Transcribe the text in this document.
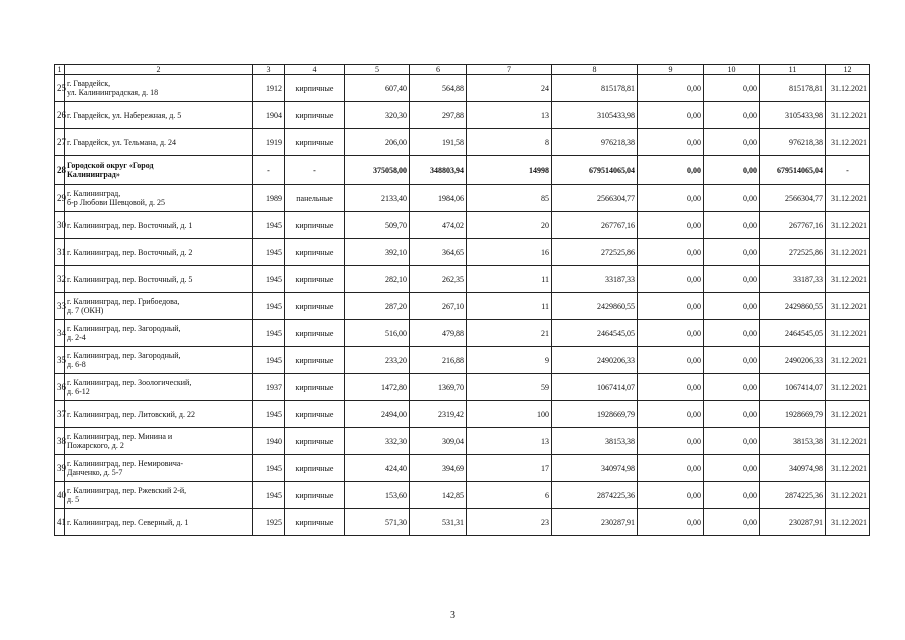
1	2	3	4	5	6	7	8	9	10	11	12
25	г. Гвардейск,
ул. Калининградская, д. 18	1912	кирпичные	607,40	564,88	24	815178,81	0,00	0,00	815178,81	31.12.2021
26	г. Гвардейск, ул. Набережная, д. 5	1904	кирпичные	320,30	297,88	13	3105433,98	0,00	0,00	3105433,98	31.12.2021
27	г. Гвардейск, ул. Тельмана, д. 24	1919	кирпичные	206,00	191,58	8	976218,38	0,00	0,00	976218,38	31.12.2021
28	Городской округ «Город
Калининград»	-	-	375058,00	348803,94	14998	679514065,04	0,00	0,00	679514065,04	-
29	г. Калининград,
б-р Любови Шевцовой, д. 25	1989	панельные	2133,40	1984,06	85	2566304,77	0,00	0,00	2566304,77	31.12.2021
30	г. Калининград, пер. Восточный, д. 1	1945	кирпичные	509,70	474,02	20	267767,16	0,00	0,00	267767,16	31.12.2021
31	г. Калининград, пер. Восточный, д. 2	1945	кирпичные	392,10	364,65	16	272525,86	0,00	0,00	272525,86	31.12.2021
32	г. Калининград, пер. Восточный, д. 5	1945	кирпичные	282,10	262,35	11	33187,33	0,00	0,00	33187,33	31.12.2021
33	г. Калининград, пер. Грибоедова,
д. 7 (ОКН)	1945	кирпичные	287,20	267,10	11	2429860,55	0,00	0,00	2429860,55	31.12.2021
34	г. Калининград, пер. Загородный,
д. 2-4	1945	кирпичные	516,00	479,88	21	2464545,05	0,00	0,00	2464545,05	31.12.2021
35	г. Калининград, пер. Загородный,
д. 6-8	1945	кирпичные	233,20	216,88	9	2490206,33	0,00	0,00	2490206,33	31.12.2021
36	г. Калининград, пер. Зоологический,
д. 6-12	1937	кирпичные	1472,80	1369,70	59	1067414,07	0,00	0,00	1067414,07	31.12.2021
37	г. Калининград, пер. Литовский, д. 22	1945	кирпичные	2494,00	2319,42	100	1928669,79	0,00	0,00	1928669,79	31.12.2021
38	г. Калининград, пер. Минина и
Пожарского, д. 2	1940	кирпичные	332,30	309,04	13	38153,38	0,00	0,00	38153,38	31.12.2021
39	г. Калининград, пер. Немировича-
Данченко, д. 5-7	1945	кирпичные	424,40	394,69	17	340974,98	0,00	0,00	340974,98	31.12.2021
40	г. Калининград, пер. Ржевский 2-й,
д. 5	1945	кирпичные	153,60	142,85	6	2874225,36	0,00	0,00	2874225,36	31.12.2021
41	г. Калининград, пер. Северный, д. 1	1925	кирпичные	571,30	531,31	23	230287,91	0,00	0,00	230287,91	31.12.2021
3
